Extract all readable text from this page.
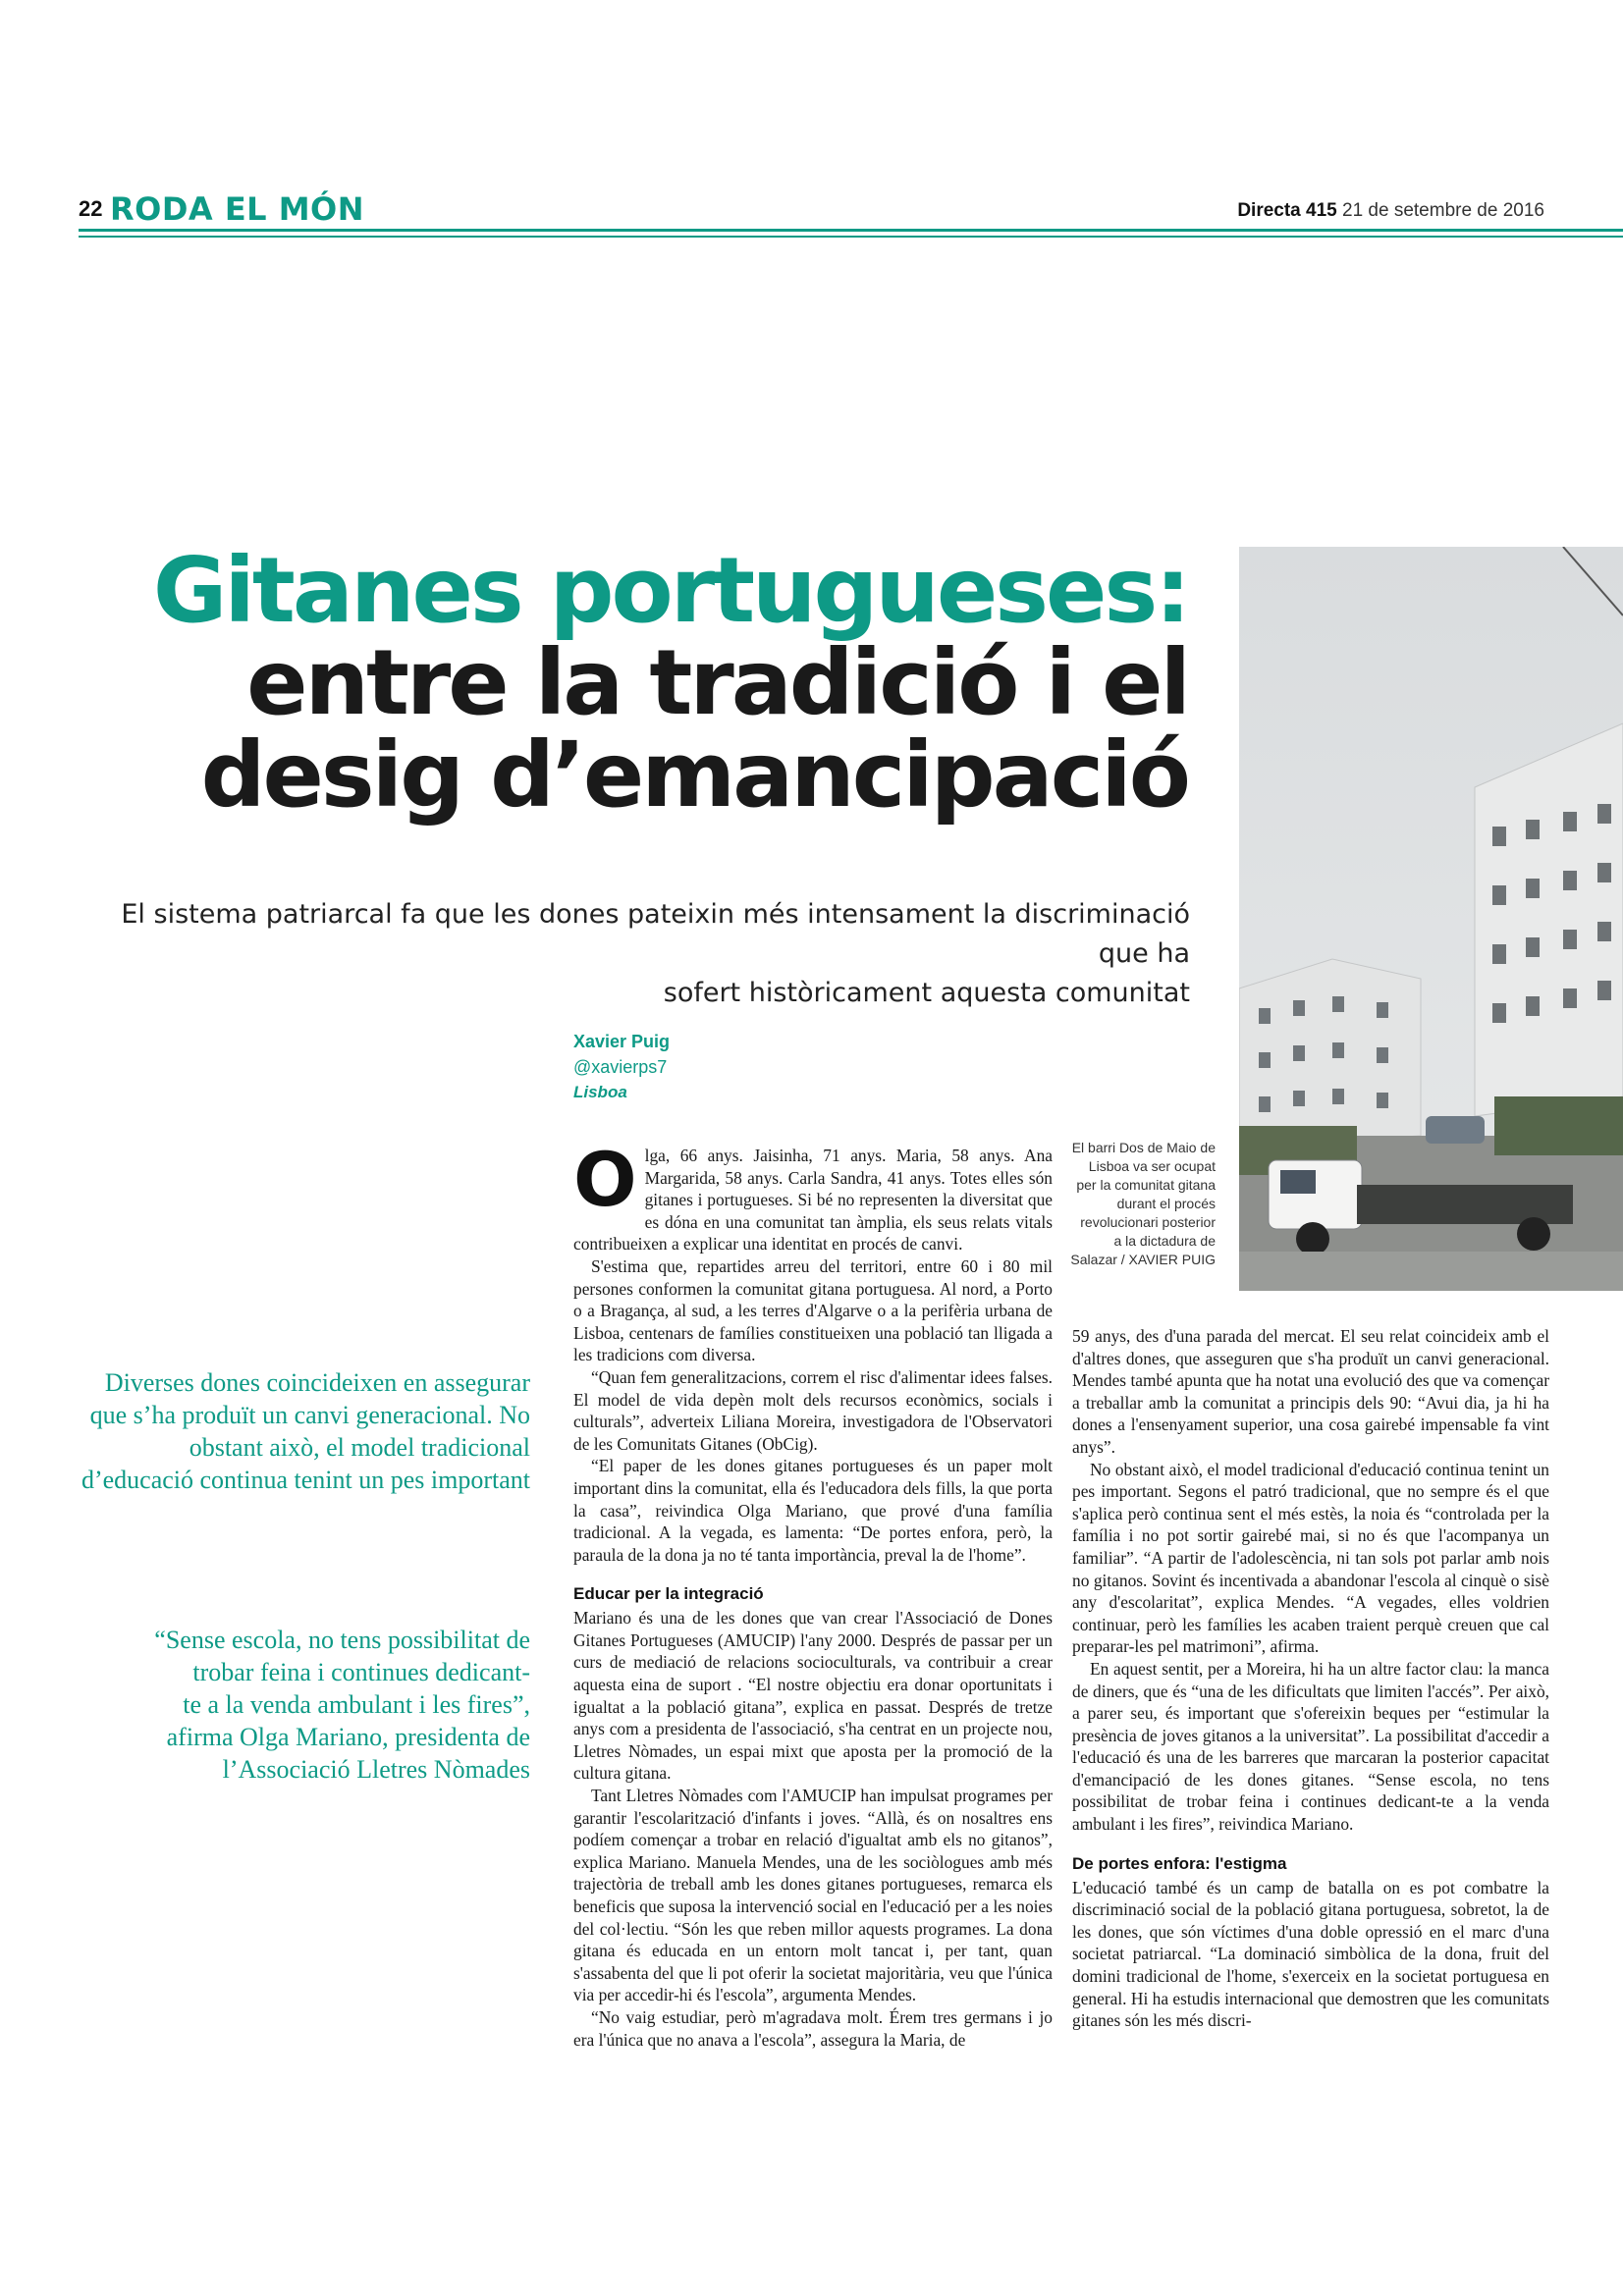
22 RODA EL MÓN	Directa 415 21 de setembre de 2016
Gitanes portugueses:
entre la tradició i el
desig d’emancipació
El sistema patriarcal fa que les dones pateixin més intensament la discriminació que ha
sofert històricament aquesta comunitat
Xavier Puig
@xavierps7
Lisboa
El barri Dos de Maio de Lisboa va ser ocupat per la comunitat gitana durant el procés revolucionari posterior a la dictadura de Salazar / XAVIER PUIG
Diverses dones coincideixen en assegurar que s’ha produït un canvi generacional. No obstant això, el model tradicional d’educació continua tenint un pes important
“Sense escola, no tens possibilitat de
trobar feina i continues dedicant-
te a la venda ambulant i les fires”,
afirma Olga Mariano, presidenta de
l’Associació Lletres Nòmades

Olga, 66 anys. Jaisinha, 71 anys. Maria, 58 anys. Ana Margarida, 58 anys. Carla Sandra, 41 anys. Totes elles són gitanes i portugueses. Si bé no representen la diversitat que es dóna en una comunitat tan àmplia, els seus relats vitals contribueixen a explicar una identitat en procés de canvi.

S'estima que, repartides arreu del territori, entre 60 i 80 mil persones conformen la comunitat gitana portuguesa. Al nord, a Porto o a Bragança, al sud, a les terres d'Algarve o a la perifèria urbana de Lisboa, centenars de famílies constitueixen una població tan lligada a les tradicions com diversa.

“Quan fem generalitzacions, correm el risc d'alimentar idees falses. El model de vida depèn molt dels recursos econòmics, socials i culturals”, adverteix Liliana Moreira, investigadora de l'Observatori de les Comunitats Gitanes (ObCig).

“El paper de les dones gitanes portugueses és un paper molt important dins la comunitat, ella és l'educadora dels fills, la que porta la casa”, reivindica Olga Mariano, que prové d'una família tradicional. A la vegada, es lamenta: “De portes enfora, però, la paraula de la dona ja no té tanta importància, preval la de l'home”.

Educar per la integració

Mariano és una de les dones que van crear l'Associació de Dones Gitanes Portugueses (AMUCIP) l'any 2000. Després de passar per un curs de mediació de relacions socioculturals, va contribuir a crear aquesta eina de suport . “El nostre objectiu era donar oportunitats i igualtat a la població gitana”, explica en passat. Després de tretze anys com a presidenta de l'associació, s'ha centrat en un projecte nou, Lletres Nòmades, un espai mixt que aposta per la promoció de la cultura gitana.

Tant Lletres Nòmades com l'AMUCIP han impulsat programes per garantir l'escolarització d'infants i joves. “Allà, és on nosaltres ens podíem començar a trobar en relació d'igualtat amb els no gitanos”, explica Mariano. Manuela Mendes, una de les sociòlogues amb més trajectòria de treball amb les dones gitanes portugueses, remarca els beneficis que suposa la intervenció social en l'educació per a les noies del col·lectiu. “Són les que reben millor aquests programes. La dona gitana és educada en un entorn molt tancat i, per tant, quan s'assabenta del que li pot oferir la societat majoritària, veu que l'única via per accedir-hi és l'escola”, argumenta Mendes.

“No vaig estudiar, però m'agradava molt. Érem tres germans i jo era l'única que no anava a l'escola”, assegura la Maria, de

59 anys, des d'una parada del mercat. El seu relat coincideix amb el d'altres dones, que asseguren que s'ha produït un canvi generacional. Mendes també apunta que ha notat una evolució des que va començar a treballar amb la comunitat a principis dels 90: “Avui dia, ja hi ha dones a l'ensenyament superior, una cosa gairebé impensable fa vint anys”.

No obstant això, el model tradicional d'educació continua tenint un pes important. Segons el patró tradicional, que no sempre és el que s'aplica però continua sent el més estès, la noia és “controlada per la família i no pot sortir gairebé mai, si no és que l'acompanya un familiar”. “A partir de l'adolescència, ni tan sols pot parlar amb nois no gitanos. Sovint és incentivada a abandonar l'escola al cinquè o sisè any d'escolaritat”, explica Mendes. “A vegades, elles voldrien continuar, però les famílies les acaben traient perquè creuen que cal preparar-les pel matrimoni”, afirma.

En aquest sentit, per a Moreira, hi ha un altre factor clau: la manca de diners, que és “una de les dificultats que limiten l'accés”. Per això, a parer seu, és important que s'ofereixin beques per “estimular la presència de joves gitanos a la universitat”. La possibilitat d'accedir a l'educació és una de les barreres que marcaran la posterior capacitat d'emancipació de les dones gitanes. “Sense escola, no tens possibilitat de trobar feina i continues dedicant-te a la venda ambulant i les fires”, reivindica Mariano.

De portes enfora: l'estigma

L'educació també és un camp de batalla on es pot combatre la discriminació social de la població gitana portuguesa, sobretot, la de les dones, que són víctimes d'una doble opressió en el marc d'una societat patriarcal. “La dominació simbòlica de la dona, fruit del domini tradicional de l'home, s'exerceix en la societat portuguesa en general. Hi ha estudis internacional que demostren que les comunitats gitanes són les més discri-
